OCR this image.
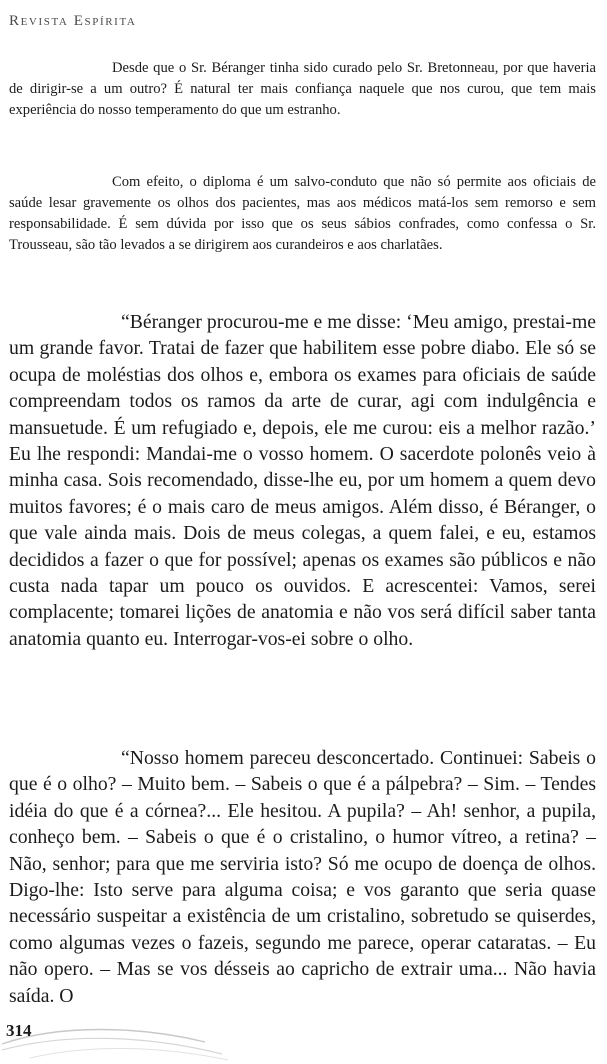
Revista Espírita

Desde que o Sr. Béranger tinha sido curado pelo Sr. Bretonneau, por que haveria de dirigir-se a um outro? É natural ter mais confiança naquele que nos curou, que tem mais experiência do nosso temperamento do que um estranho.

Com efeito, o diploma é um salvo-conduto que não só permite aos oficiais de saúde lesar gravemente os olhos dos pacientes, mas aos médicos matá-los sem remorso e sem responsabilidade. É sem dúvida por isso que os seus sábios confrades, como confessa o Sr. Trousseau, são tão levados a se dirigirem aos curandeiros e aos charlatães.

“Béranger procurou-me e me disse: ‘Meu amigo, prestai-me um grande favor. Tratai de fazer que habilitem esse pobre diabo. Ele só se ocupa de moléstias dos olhos e, embora os exames para oficiais de saúde compreendam todos os ramos da arte de curar, agi com indulgência e mansuetude. É um refugiado e, depois, ele me curou: eis a melhor razão.’ Eu lhe respondi: Mandai-me o vosso homem. O sacerdote polonês veio à minha casa. Sois recomendado, disse-lhe eu, por um homem a quem devo muitos favores; é o mais caro de meus amigos. Além disso, é Béranger, o que vale ainda mais. Dois de meus colegas, a quem falei, e eu, estamos decididos a fazer o que for possível; apenas os exames são públicos e não custa nada tapar um pouco os ouvidos. E acrescentei: Vamos, serei complacente; tomarei lições de anatomia e não vos será difícil saber tanta anatomia quanto eu. Interrogar-vos-ei sobre o olho.

“Nosso homem pareceu desconcertado. Continuei: Sabeis o que é o olho? – Muito bem. – Sabeis o que é a pálpebra? – Sim. – Tendes idéia do que é a córnea?... Ele hesitou. A pupila? – Ah! senhor, a pupila, conheço bem. – Sabeis o que é o cristalino, o humor vítreo, a retina? – Não, senhor; para que me serviria isto? Só me ocupo de doença de olhos. Digo-lhe: Isto serve para alguma coisa; e vos garanto que seria quase necessário suspeitar a existência de um cristalino, sobretudo se quiserdes, como algumas vezes o fazeis, segundo me parece, operar cataratas. – Eu não opero. – Mas se vos désseis ao capricho de extrair uma... Não havia saída. O

314
